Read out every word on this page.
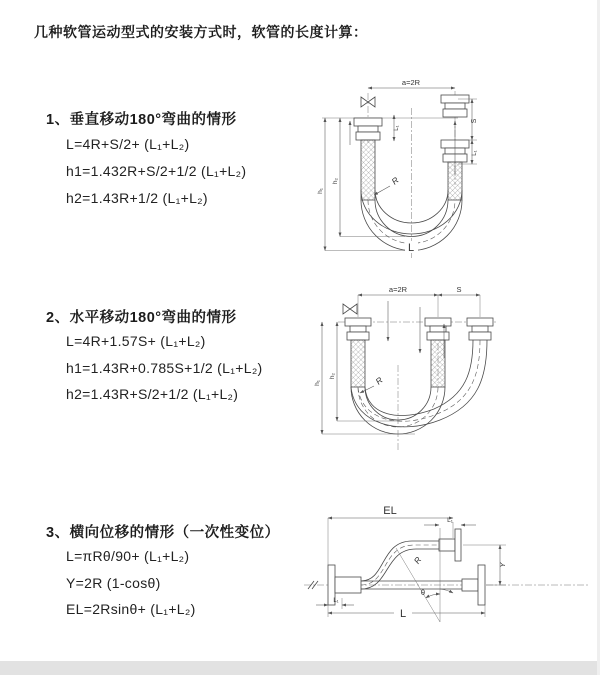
几种软管运动型式的安装方式时，软管的长度计算：
1、垂直移动180°弯曲的情形
L=4R+S/2+ (L₁+L₂)
h1=1.432R+S/2+1/2 (L₁+L₂)
h2=1.43R+1/2 (L₁+L₂)
2、水平移动180°弯曲的情形
L=4R+1.57S+ (L₁+L₂)
h1=1.43R+0.785S+1/2 (L₁+L₂)
h2=1.43R+S/2+1/2 (L₁+L₂)
3、横向位移的情形（一次性变位）
L=πRθ/90+ (L₁+L₂)
Y=2R (1-cosθ)
EL=2Rsinθ+ (L₁+L₂)
a=2R
L₁
S
L₁
h₁
h₂	R
L
a=2R	S
h₁
h₂	R
EL
L₁
Y
L
L₁
θ
R
